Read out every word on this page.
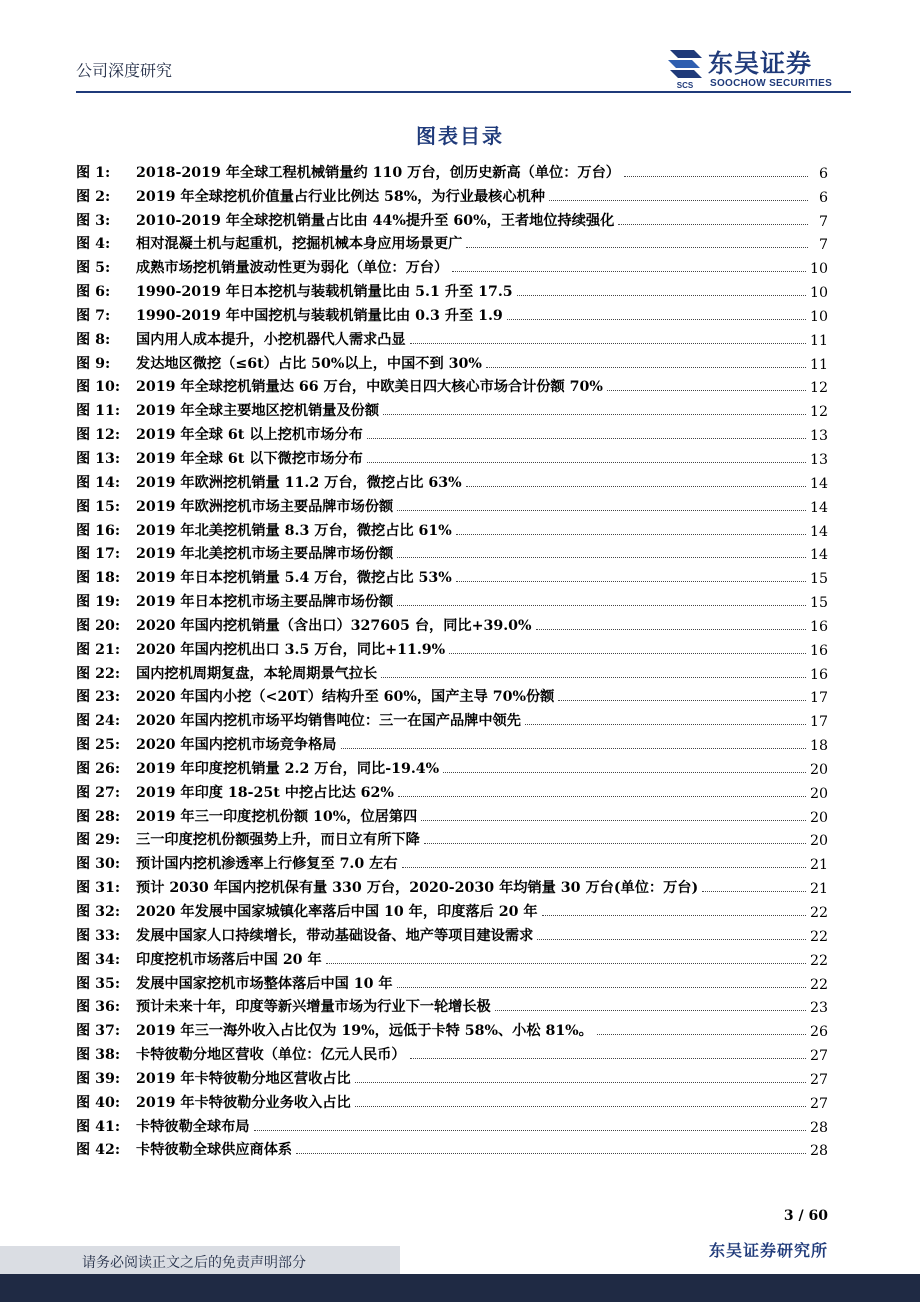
公司深度研究
SCS
东吴证券
SOOCHOW SECURITIES
图表目录
图 1:	2018-2019 年全球工程机械销量约 110 万台，创历史新高（单位：万台）	6
图 2:	2019 年全球挖机价值量占行业比例达 58%，为行业最核心机种	6
图 3:	2010-2019 年全球挖机销量占比由 44%提升至 60%，王者地位持续强化	7
图 4:	相对混凝土机与起重机，挖掘机械本身应用场景更广	7
图 5:	成熟市场挖机销量波动性更为弱化（单位：万台）	10
图 6:	1990-2019 年日本挖机与装载机销量比由 5.1 升至 17.5	10
图 7:	1990-2019 年中国挖机与装载机销量比由 0.3 升至 1.9	10
图 8:	国内用人成本提升，小挖机器代人需求凸显	11
图 9:	发达地区微挖（≤6t）占比 50%以上，中国不到 30%	11
图 10:	2019 年全球挖机销量达 66 万台，中欧美日四大核心市场合计份额 70%	12
图 11:	2019 年全球主要地区挖机销量及份额	12
图 12:	2019 年全球 6t 以上挖机市场分布	13
图 13:	2019 年全球 6t 以下微挖市场分布	13
图 14:	2019 年欧洲挖机销量 11.2 万台，微挖占比 63%	14
图 15:	2019 年欧洲挖机市场主要品牌市场份额	14
图 16:	2019 年北美挖机销量 8.3 万台，微挖占比 61%	14
图 17:	2019 年北美挖机市场主要品牌市场份额	14
图 18:	2019 年日本挖机销量 5.4 万台，微挖占比 53%	15
图 19:	2019 年日本挖机市场主要品牌市场份额	15
图 20:	2020 年国内挖机销量（含出口）327605 台，同比+39.0%	16
图 21:	2020 年国内挖机出口 3.5 万台，同比+11.9%	16
图 22:	国内挖机周期复盘，本轮周期景气拉长	16
图 23:	2020 年国内小挖（<20T）结构升至 60%，国产主导 70%份额	17
图 24:	2020 年国内挖机市场平均销售吨位：三一在国产品牌中领先	17
图 25:	2020 年国内挖机市场竞争格局	18
图 26:	2019 年印度挖机销量 2.2 万台，同比-19.4%	20
图 27:	2019 年印度 18-25t 中挖占比达 62%	20
图 28:	2019 年三一印度挖机份额 10%，位居第四	20
图 29:	三一印度挖机份额强势上升，而日立有所下降	20
图 30:	预计国内挖机渗透率上行修复至 7.0 左右	21
图 31:	预计 2030 年国内挖机保有量 330 万台，2020-2030 年均销量 30 万台(单位：万台)	21
图 32:	2020 年发展中国家城镇化率落后中国 10 年，印度落后 20 年	22
图 33:	发展中国家人口持续增长，带动基础设备、地产等项目建设需求	22
图 34:	印度挖机市场落后中国 20 年	22
图 35:	发展中国家挖机市场整体落后中国 10 年	22
图 36:	预计未来十年，印度等新兴增量市场为行业下一轮增长极	23
图 37:	2019 年三一海外收入占比仅为 19%，远低于卡特 58%、小松 81%。	26
图 38:	卡特彼勒分地区营收（单位：亿元人民币）	27
图 39:	2019 年卡特彼勒分地区营收占比	27
图 40:	2019 年卡特彼勒分业务收入占比	27
图 41:	卡特彼勒全球布局	28
图 42:	卡特彼勒全球供应商体系	28
3 / 60
东吴证券研究所
请务必阅读正文之后的免责声明部分
